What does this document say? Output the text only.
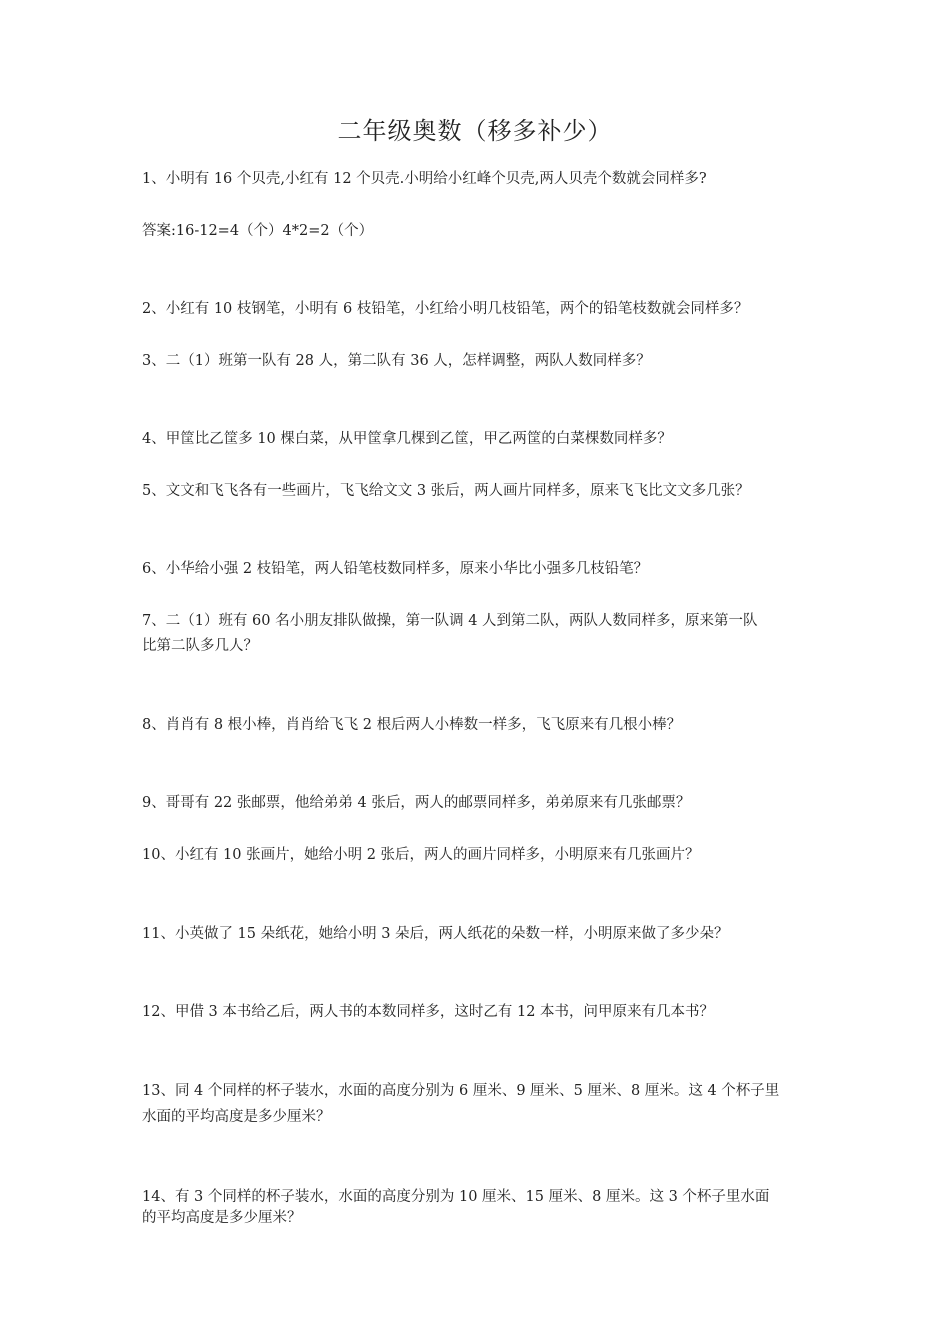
二年级奥数（移多补少）
1、小明有 16 个贝壳,小红有 12 个贝壳.小明给小红峰个贝壳,两人贝壳个数就会同样多?
答案:16-12=4（个）4*2=2（个）
2、小红有 10 枝钢笔，小明有 6 枝铅笔，小红给小明几枝铅笔，两个的铅笔枝数就会同样多？
3、二（1）班第一队有 28 人，第二队有 36 人，怎样调整，两队人数同样多？
4、甲筐比乙筐多 10 棵白菜，从甲筐拿几棵到乙筐，甲乙两筐的白菜棵数同样多？
5、文文和飞飞各有一些画片，飞飞给文文 3 张后，两人画片同样多，原来飞飞比文文多几张？
6、小华给小强 2 枝铅笔，两人铅笔枝数同样多，原来小华比小强多几枝铅笔？
7、二（1）班有 60 名小朋友排队做操，第一队调 4 人到第二队，两队人数同样多，原来第一队
比第二队多几人？
8、肖肖有 8 根小棒，肖肖给飞飞 2 根后两人小棒数一样多，飞飞原来有几根小棒？
9、哥哥有 22 张邮票，他给弟弟 4 张后，两人的邮票同样多，弟弟原来有几张邮票？
10、小红有 10 张画片，她给小明 2 张后，两人的画片同样多，小明原来有几张画片？
11、小英做了 15 朵纸花，她给小明 3 朵后，两人纸花的朵数一样，小明原来做了多少朵？
12、甲借 3 本书给乙后，两人书的本数同样多，这时乙有 12 本书，问甲原来有几本书？
13、同 4 个同样的杯子装水，水面的高度分别为 6 厘米、9 厘米、5 厘米、8 厘米。这 4 个杯子里
水面的平均高度是多少厘米？
14、有 3 个同样的杯子装水，水面的高度分别为 10 厘米、15 厘米、8 厘米。这 3 个杯子里水面
的平均高度是多少厘米？
